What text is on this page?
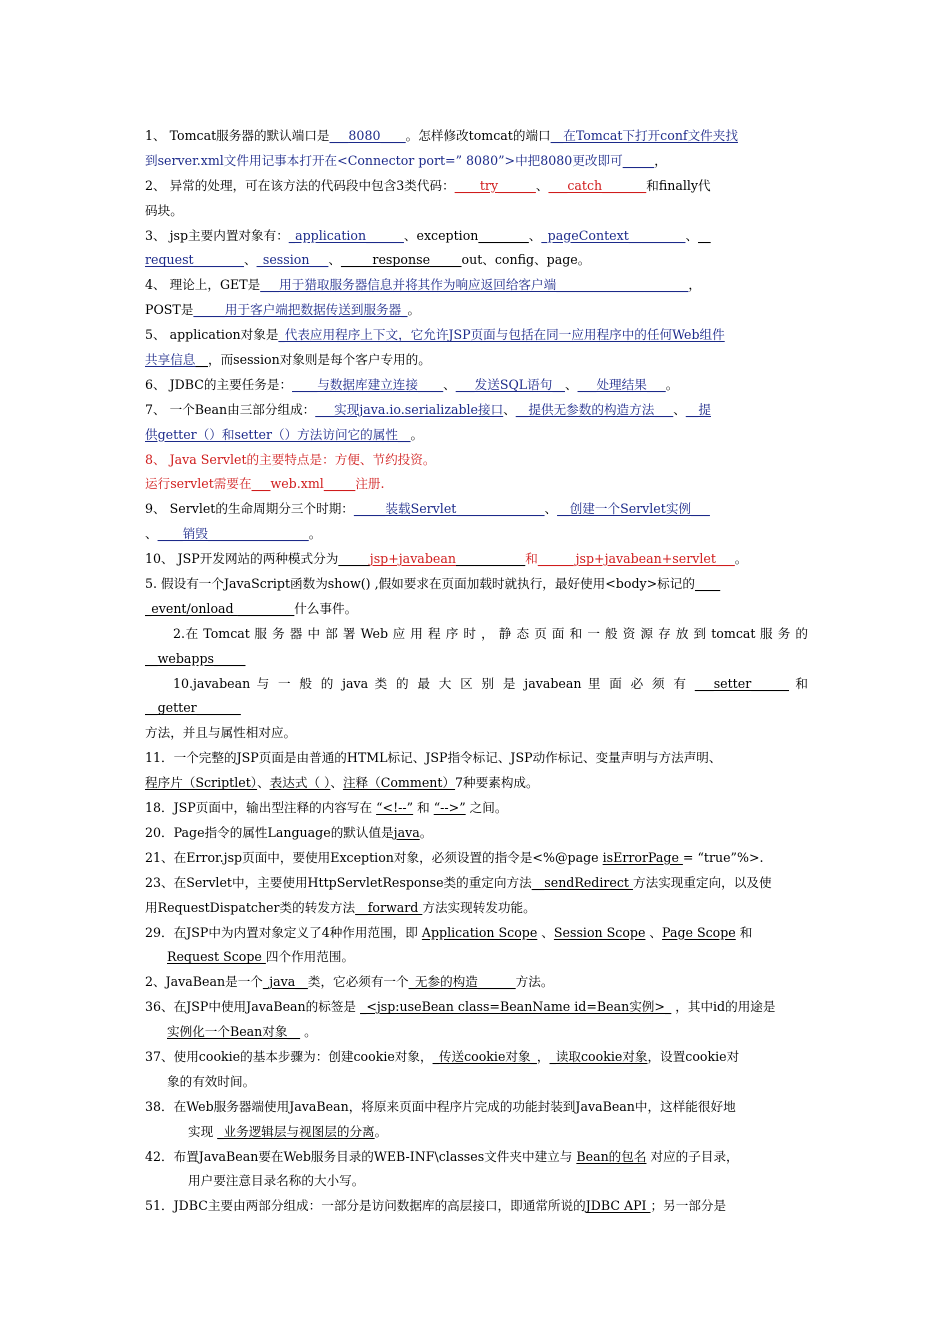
1、 Tomcat服务器的默认端口是___8080____。怎样修改tomcat的端口__在Tomcat下打开conf文件夹找
到server.xml文件用记事本打开在<Connector port=” 8080”>中把8080更改即可_____，
2、 异常的处理，可在该方法的代码段中包含3类代码：____try______、___catch_______和finally代
码块。
3、 jsp主要内置对象有：_application______、exception________、_pageContext_________、__
request________、_session___、_____response_____out、config、page。
4、 理论上，GET是___用于猎取服务器信息并将其作为响应返回给客户端_____________________，
POST是_____用于客户端把数据传送到服务器_。
5、 application对象是_代表应用程序上下文，它允许JSP页面与包括在同一应用程序中的任何Web组件
共享信息__，而session对象则是每个客户专用的。
6、 JDBC的主要任务是：____与数据库建立连接____、___发送SQL语句__、___处理结果___。
7、 一个Bean由三部分组成：___实现java.io.serializable接口、__提供无参数的构造方法___、__提
供getter（）和setter（）方法访问它的属性__。
8、 Java Servlet的主要特点是：方便、节约投资。
运行servlet需要在___web.xml_____注册.
9、 Servlet的生命周期分三个时期：_____装载Servlet______________、__创建一个Servlet实例___
、____销毁________________。
10、 JSP开发网站的两种模式分为_____jsp+javabean___________和______jsp+javabean+servlet___。
5. 假设有一个JavaScript函数为show() ,假如要求在页面加载时就执行，最好使用<body>标记的____
_event/onload _________什么事件。
2.在 Tomcat 服 务 器 中 部 署 Web 应 用 程 序 时 ， 静 态 页 面 和 一 般 资 源 存 放 到 tomcat 服 务 的
__webapps_____
10.javabean 与 一 般 的 java 类 的 最 大 区 别 是 javabean 里 面 必 须 有 ___setter______ 和
__getter_______
方法，并且与属性相对应。
11．一个完整的JSP页面是由普通的HTML标记、JSP指令标记、JSP动作标记、变量声明与方法声明、
程序片（Scriptlet）、表达式（ ）、注释（Comment）7种要素构成。
18．JSP页面中，输出型注释的内容写在 “<!--” 和 “-->” 之间。
20．Page指令的属性Language的默认值是java。
21、在Error.jsp页面中，要使用Exception对象，必须设置的指令是<%@page isErrorPage = “true”%>.
23、在Servlet中，主要使用HttpServletResponse类的重定向方法__sendRedirect 方法实现重定向，以及使
用RequestDispatcher类的转发方法__forward 方法实现转发功能。
29．在JSP中为内置对象定义了4种作用范围，即 Application Scope 、Session Scope 、Page Scope 和
Request Scope 四个作用范围。
2、JavaBean是一个_java__类，它必须有一个_无参的构造______方法。
36、在JSP中使用JavaBean的标签是 _<jsp:useBean class=BeanName id=Bean实例>_ ，其中id的用途是
实例化一个Bean对象__ 。
37、使用cookie的基本步骤为：创建cookie对象，_传送cookie对象_，_读取cookie对象，设置cookie对
象的有效时间。
38．在Web服务器端使用JavaBean，将原来页面中程序片完成的功能封装到JavaBean中，这样能很好地
实现 _业务逻辑层与视图层的分离。
42．布置JavaBean要在Web服务目录的WEB-INF\classes文件夹中建立与 Bean的包名 对应的子目录，
用户要注意目录名称的大小写。
51．JDBC主要由两部分组成：一部分是访问数据库的高层接口，即通常所说的JDBC API ；另一部分是
